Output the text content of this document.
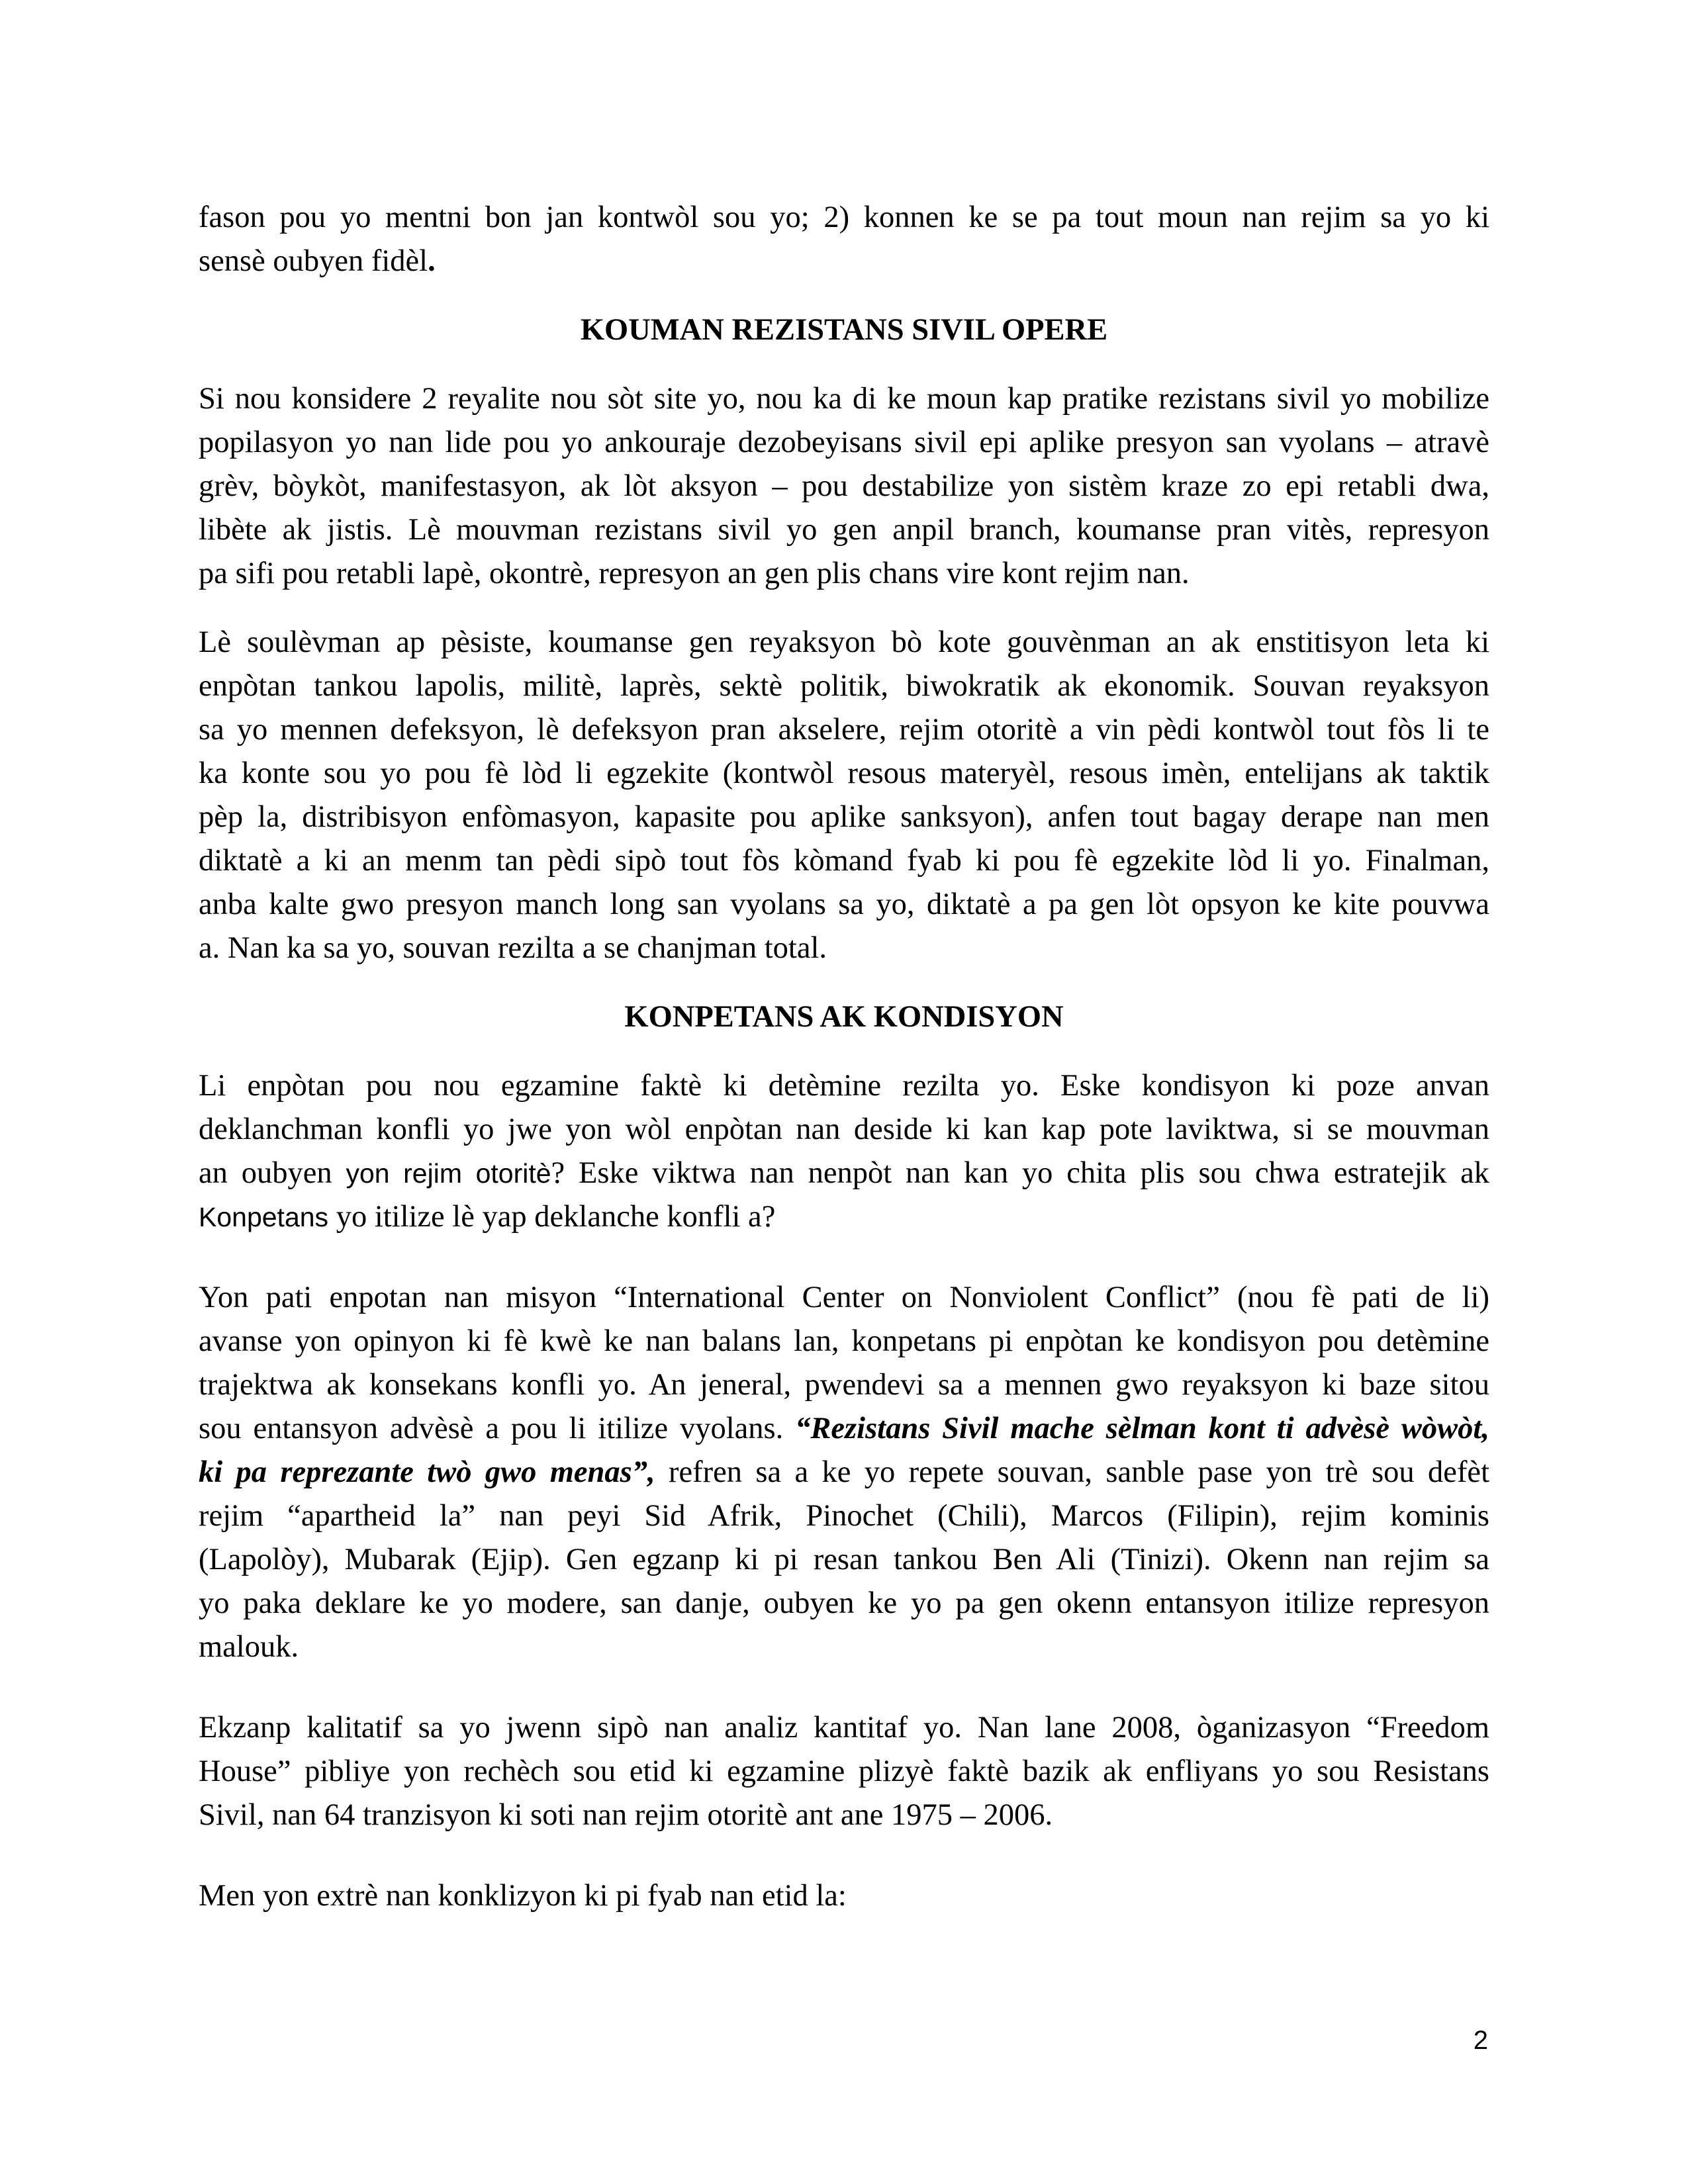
fason pou yo mentni bon jan kontwòl sou yo; 2) konnen ke se pa tout moun nan rejim sa yo ki
sensè oubyen fidèl.

KOUMAN REZISTANS SIVIL OPERE

Si nou konsidere 2 reyalite nou sòt site yo, nou ka di ke moun kap pratike rezistans sivil yo mobilize
popilasyon yo nan lide pou yo ankouraje dezobeyisans sivil epi aplike presyon san vyolans – atravè
grèv, bòykòt, manifestasyon, ak lòt aksyon – pou destabilize yon sistèm kraze zo epi retabli dwa,
libète ak jistis. Lè mouvman rezistans sivil yo gen anpil branch, koumanse pran vitès, represyon
pa sifi pou retabli lapè, okontrè, represyon an gen plis chans vire kont rejim nan.

Lè soulèvman ap pèsiste, koumanse gen reyaksyon bò kote gouvènman an ak enstitisyon leta ki
enpòtan tankou lapolis, militè, laprès, sektè politik, biwokratik ak ekonomik. Souvan reyaksyon
sa yo mennen defeksyon, lè defeksyon pran akselere, rejim otoritè a vin pèdi kontwòl tout fòs li te
ka konte sou yo pou fè lòd li egzekite (kontwòl resous materyèl, resous imèn, entelijans ak taktik
pèp la, distribisyon enfòmasyon, kapasite pou aplike sanksyon), anfen tout bagay derape nan men
diktatè a ki an menm tan pèdi sipò tout fòs kòmand fyab ki pou fè egzekite lòd li yo. Finalman,
anba kalte gwo presyon manch long san vyolans sa yo, diktatè a pa gen lòt opsyon ke kite pouvwa
a. Nan ka sa yo, souvan rezilta a se chanjman total.

KONPETANS AK KONDISYON

Li enpòtan pou nou egzamine faktè ki detèmine rezilta yo. Eske kondisyon ki poze anvan
deklanchman konfli yo jwe yon wòl enpòtan nan deside ki kan kap pote laviktwa, si se mouvman
an oubyen yon rejim otoritè? Eske viktwa nan nenpòt nan kan yo chita plis sou chwa estratejik ak
Konpetans yo itilize lè yap deklanche konfli a?

Yon pati enpotan nan misyon “International Center on Nonviolent Conflict” (nou fè pati de li)
avanse yon opinyon ki fè kwè ke nan balans lan, konpetans pi enpòtan ke kondisyon pou detèmine
trajektwa ak konsekans konfli yo. An jeneral, pwendevi sa a mennen gwo reyaksyon ki baze sitou
sou entansyon advèsè a pou li itilize vyolans. “Rezistans Sivil mache sèlman kont ti advèsè wòwòt,
ki pa reprezante twò gwo menas”, refren sa a ke yo repete souvan, sanble pase yon trè sou defèt
rejim “apartheid la” nan peyi Sid Afrik, Pinochet (Chili), Marcos (Filipin), rejim kominis
(Lapolòy), Mubarak (Ejip). Gen egzanp ki pi resan tankou Ben Ali (Tinizi). Okenn nan rejim sa
yo paka deklare ke yo modere, san danje, oubyen ke yo pa gen okenn entansyon itilize represyon
malouk.

Ekzanp kalitatif sa yo jwenn sipò nan analiz kantitaf yo. Nan lane 2008, òganizasyon “Freedom
House” pibliye yon rechèch sou etid ki egzamine plizyè faktè bazik ak enfliyans yo sou Resistans
Sivil, nan 64 tranzisyon ki soti nan rejim otoritè ant ane 1975 – 2006.

Men yon extrè nan konklizyon ki pi fyab nan etid la:

2
